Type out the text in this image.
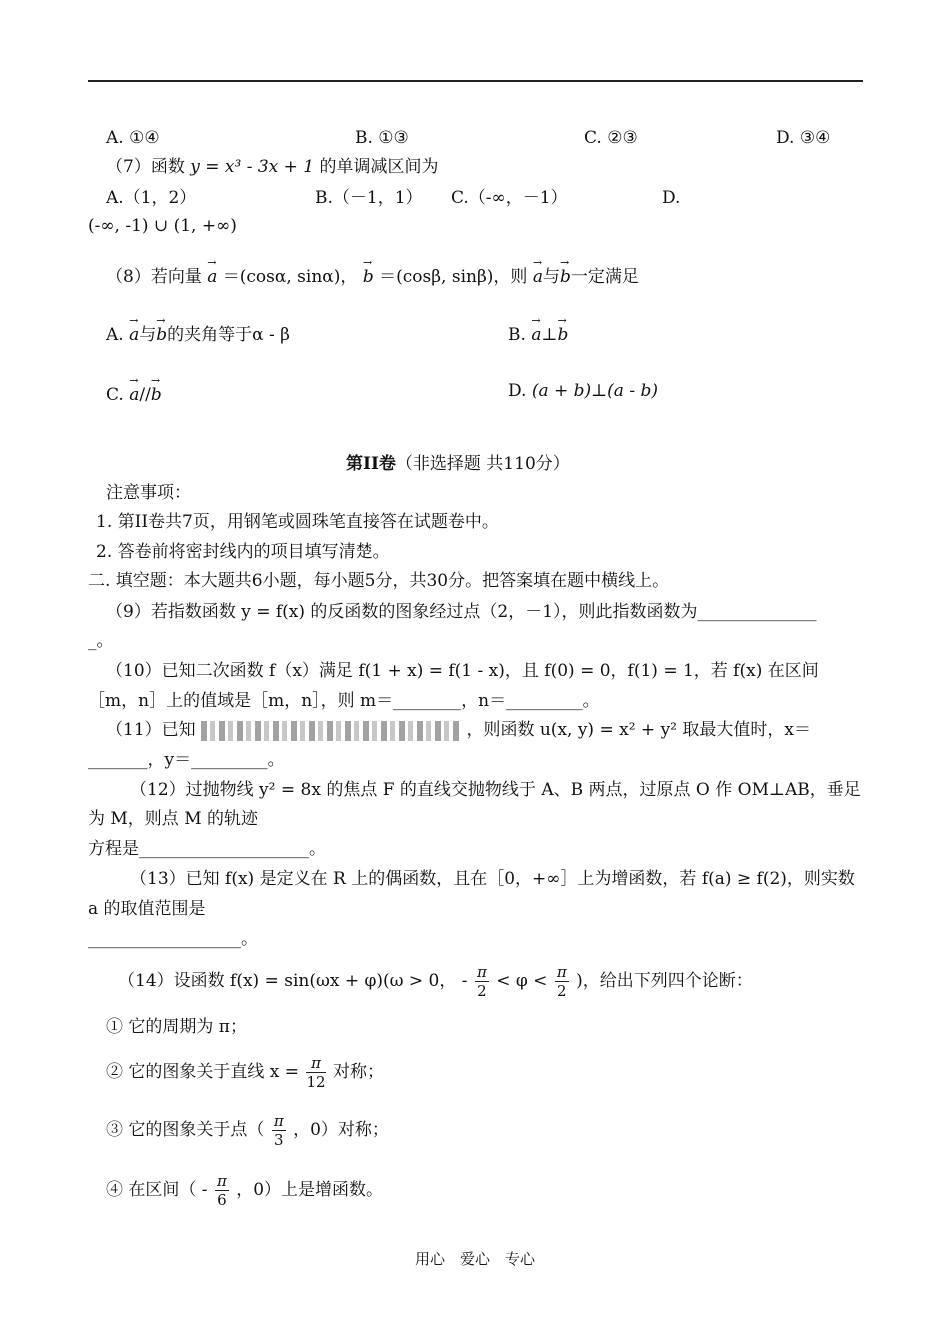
A. ①④	B. ①③	C. ②③	D. ③④
（7）函数 y = x³ - 3x + 1 的单调减区间为
A.（1，2）	B.（－1，1） C.（-∞，－1）	D.
(-∞, -1) ∪ (1, +∞)
（8）若向量 → a ＝(cosα, sinα)， → b ＝(cosβ, sinβ)，则 → a与→ b一定满足
A. → a与→ b的夹角等于α - β	B. → a⊥→ b
C. → a//→ b	D. (a + b)⊥(a - b)
第II卷（非选择题 共110分）
注意事项：
1. 第II卷共7页，用钢笔或圆珠笔直接答在试题卷中。
2. 答卷前将密封线内的项目填写清楚。
二. 填空题：本大题共6小题，每小题5分，共30分。把答案填在题中横线上。
（9）若指数函数 y = f(x) 的反函数的图象经过点（2，－1），则此指数函数为______________
_。
（10）已知二次函数 f（x）满足 f(1 + x) = f(1 - x)，且 f(0) = 0，f(1) = 1，若 f(x) 在区间
［m，n］上的值域是［m，n］，则 m＝________，n＝_________。
（11）已知	，则函数 u(x, y) = x² + y² 取最大值时，x＝
_______，y＝_________。
（12）过抛物线 y² = 8x 的焦点 F 的直线交抛物线于 A、B 两点，过原点 O 作 OM⊥AB，垂足
为 M，则点 M 的轨迹
方程是____________________。
（13）已知 f(x) 是定义在 R 上的偶函数，且在［0，+∞］上为增函数，若 f(a) ≥ f(2)，则实数
a 的取值范围是
__________________。
（14）设函数 f(x) = sin(ωx + φ)(ω > 0， - $\frac{\pi}{2} < \varphi < \frac{\pi}{2}$ )，给出下列四个论断：
① 它的周期为 π；
② 它的图象关于直线 $x = \frac{\pi}{12}$ 对称；
③ 它的图象关于点（ $\frac{\pi}{3}$ ，0）对称；
④ 在区间（ - $\frac{\pi}{6}$ ，0）上是增函数。
用心　爱心　专心
